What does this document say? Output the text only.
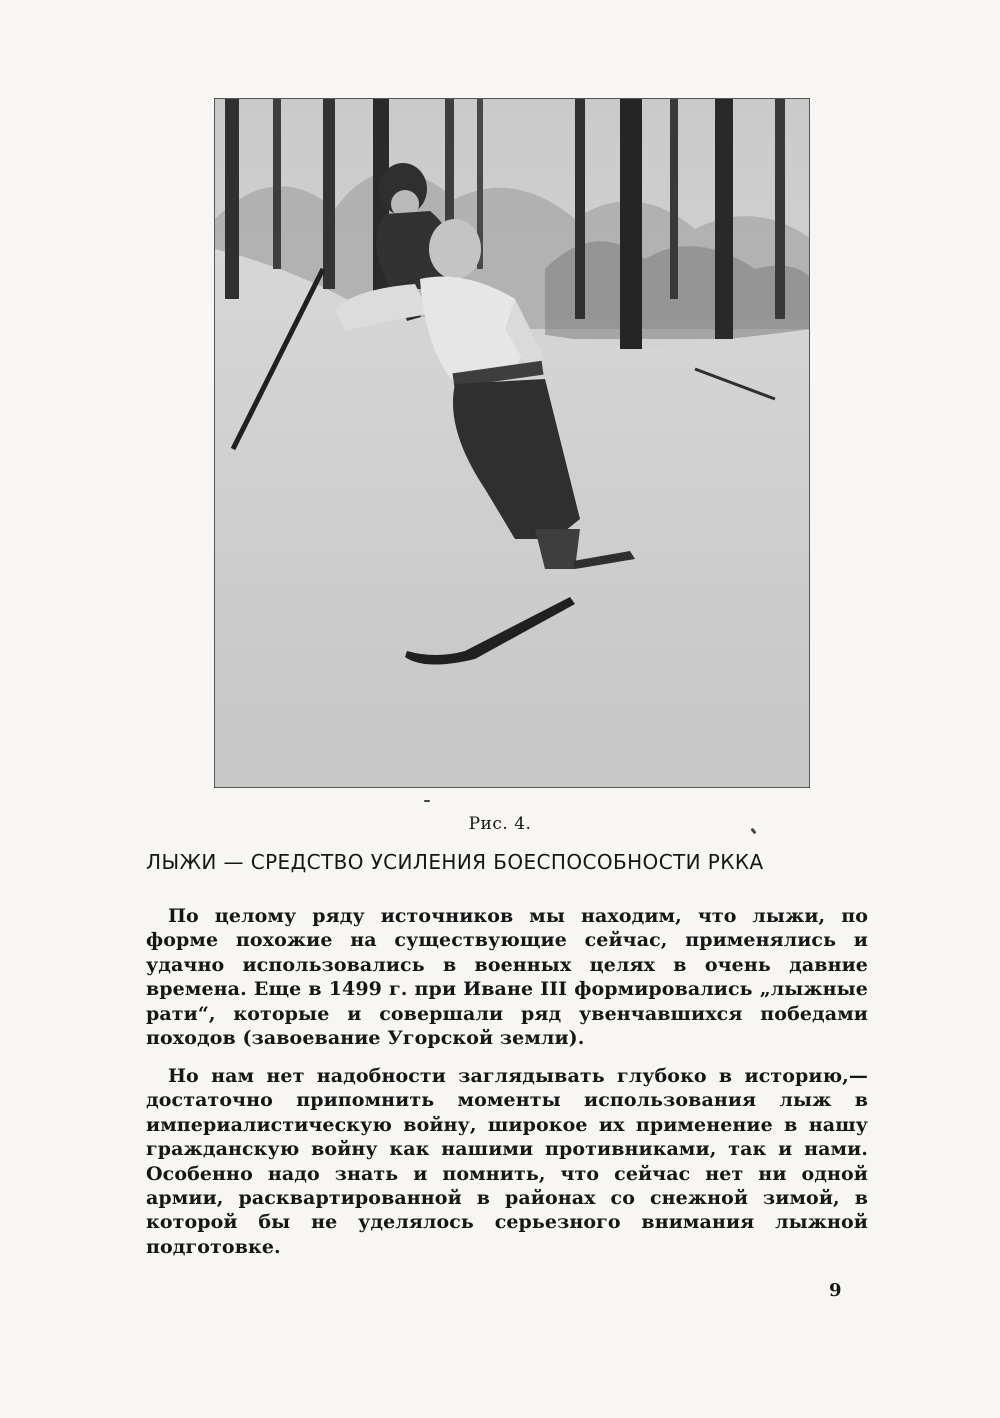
Рис. 4.
ЛЫЖИ — СРЕДСТВО УСИЛЕНИЯ БОЕСПОСОБНОСТИ РККА

По целому ряду источников мы находим, что лыжи, по форме похожие на существующие сейчас, применялись и удачно использовались в военных целях в очень давние времена. Еще в 1499 г. при Иване III формировались „лыжные рати“, которые и совершали ряд увенчавшихся победами походов (завоевание Угорской земли).

Но нам нет надобности заглядывать глубоко в историю,— достаточно припомнить моменты использования лыж в империалистическую войну, широкое их применение в нашу гражданскую войну как нашими противниками, так и нами. Особенно надо знать и помнить, что сейчас нет ни одной армии, расквартированной в районах со снежной зимой, в которой бы не уделялось серьезного внимания лыжной подготовке.

9
